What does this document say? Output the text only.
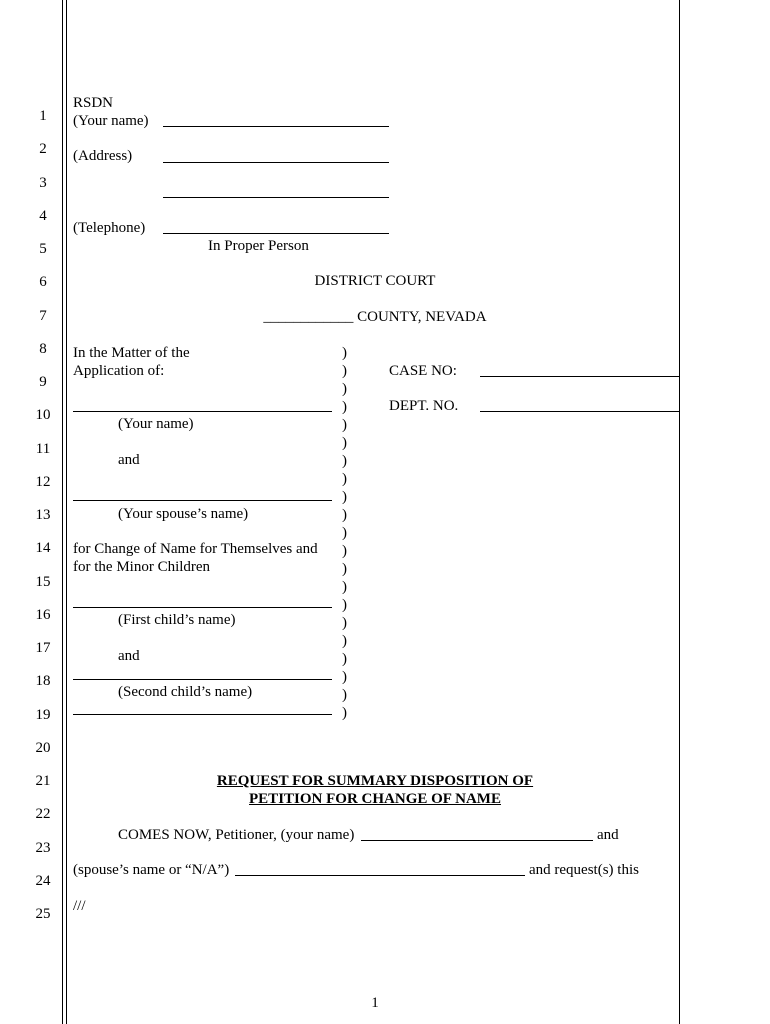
1
2
3
4
5
6
7
8
9
10
11
12
13
14
15
16
17
18
19
20
21
22
23
24
25
RSDN
(Your name)
(Address)
(Telephone)
In Proper Person
DISTRICT COURT
____________ COUNTY, NEVADA
In the Matter of the
Application of:
(Your name)
and
(Your spouse’s name)
for Change of Name for Themselves and
for the Minor Children
(First child’s name)
and
(Second child’s name)
)
)
)
)
)
)
)
)
)
)
)
)
)
)
)
)
)
)
)
)
)
CASE NO:
DEPT. NO.
REQUEST FOR SUMMARY DISPOSITION OF
PETITION FOR CHANGE OF NAME
COMES NOW, Petitioner, (your name)	and
(spouse’s name or “N/A”)	and request(s) this
///
1
